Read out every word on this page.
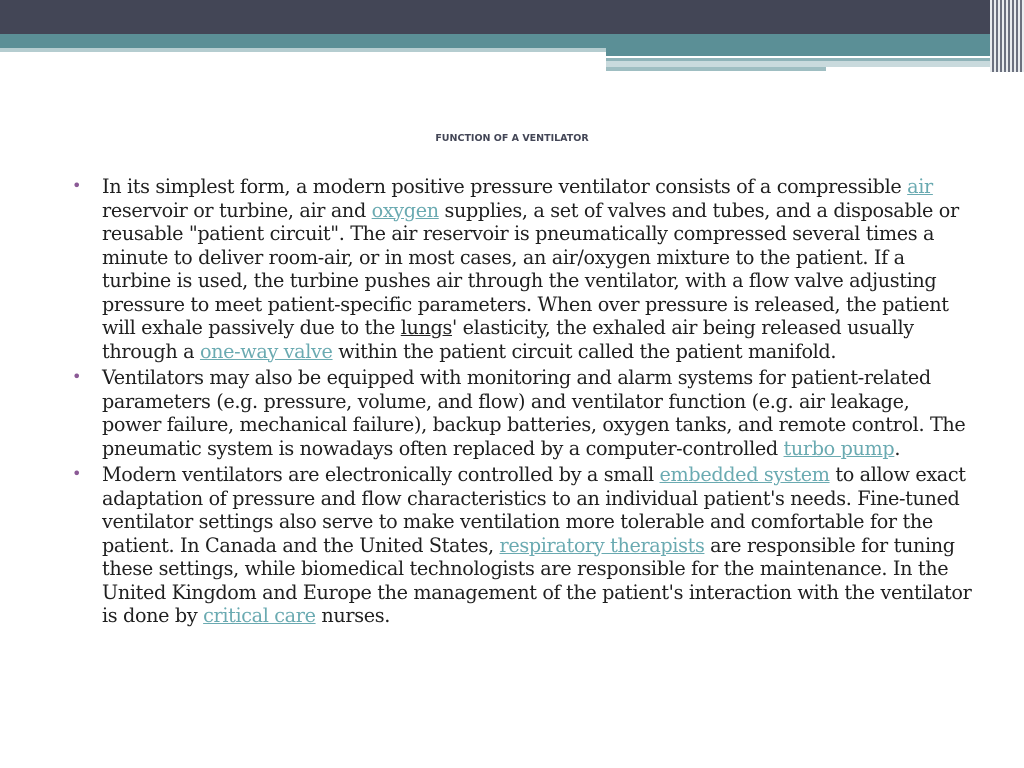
FUNCTION OF A VENTILATOR
• In its simplest form, a modern positive pressure ventilator consists of a compressible air reservoir or turbine, air and oxygen supplies, a set of valves and tubes, and a disposable or reusable "patient circuit". The air reservoir is pneumatically compressed several times a minute to deliver room-air, or in most cases, an air/oxygen mixture to the patient. If a turbine is used, the turbine pushes air through the ventilator, with a flow valve adjusting pressure to meet patient-specific parameters. When over pressure is released, the patient will exhale passively due to the lungs' elasticity, the exhaled air being released usually through a one-way valve within the patient circuit called the patient manifold.
• Ventilators may also be equipped with monitoring and alarm systems for patient-related parameters (e.g. pressure, volume, and flow) and ventilator function (e.g. air leakage, power failure, mechanical failure), backup batteries, oxygen tanks, and remote control. The pneumatic system is nowadays often replaced by a computer-controlled turbo pump.
• Modern ventilators are electronically controlled by a small embedded system to allow exact adaptation of pressure and flow characteristics to an individual patient's needs. Fine-tuned ventilator settings also serve to make ventilation more tolerable and comfortable for the patient. In Canada and the United States, respiratory therapists are responsible for tuning these settings, while biomedical technologists are responsible for the maintenance. In the United Kingdom and Europe the management of the patient's interaction with the ventilator is done by critical care nurses.
